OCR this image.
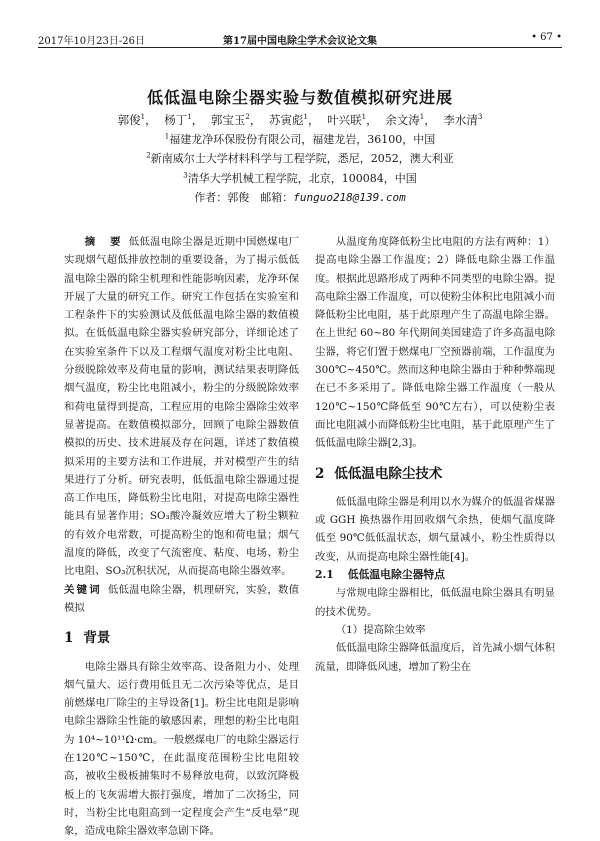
2017年10月23日-26日	第17届中国电除尘学术会议论文集	• 67 •
低低温电除尘器实验与数值模拟研究进展
郭俊$^1$， 杨丁$^1$， 郭宝玉$^2$， 苏寅彪$^1$， 叶兴联$^1$， 余文涛$^1$， 李水清$^3$
$^1$福建龙净环保股份有限公司，福建龙岩，36100，中国
$^2$新南威尔士大学材料科学与工程学院，悉尼，2052，澳大利亚
$^3$清华大学机械工程学院，北京，100084，中国
作者：郭俊　邮箱：funguo218@139.com

摘　要 低低温电除尘器是近期中国燃煤电厂实现烟气超低排放控制的重要设备，为了揭示低低温电除尘器的除尘机理和性能影响因素，龙净环保开展了大量的研究工作。研究工作包括在实验室和工程条件下的实验测试及低低温电除尘器的数值模拟。在低低温电除尘器实验研究部分，详细论述了在实验室条件下以及工程烟气温度对粉尘比电阻、分级脱除效率及荷电量的影响，测试结果表明降低烟气温度，粉尘比电阻减小，粉尘的分级脱除效率和荷电量得到提高，工程应用的电除尘器除尘效率显著提高。在数值模拟部分，回顾了电除尘器数值模拟的历史、技术进展及存在问题，详述了数值模拟采用的主要方法和工作进展，并对模型产生的结果进行了分析。研究表明，低低温电除尘器通过提高工作电压，降低粉尘比电阻，对提高电除尘器性能具有显著作用；SO₃酸冷凝效应增大了粉尘颗粒的有效介电常数，可提高粉尘的饱和荷电量；烟气温度的降低，改变了气流密度、粘度、电场、粉尘比电阻、SO₃沉积状况，从而提高电除尘器效率。

关键词 低低温电除尘器，机理研究，实验，数值模拟

1 背景

电除尘器具有除尘效率高、设备阻力小、处理烟气量大、运行费用低且无二次污染等优点，是目前燃煤电厂除尘的主导设备[1]。粉尘比电阻是影响电除尘器除尘性能的敏感因素，理想的粉尘比电阻为 10⁴~10¹¹Ω·cm。一般燃煤电厂的电除尘器运行在120℃~150℃，在此温度范围粉尘比电阻较高，被收尘极板捕集时不易释放电荷，以致沉降极板上的飞灰需增大振打强度，增加了二次扬尘，同时，当粉尘比电阻高到一定程度会产生“反电晕”现象，造成电除尘器效率急剧下降。

从温度角度降低粉尘比电阻的方法有两种：1）提高电除尘器工作温度；2）降低电除尘器工作温度。根据此思路形成了两种不同类型的电除尘器。提高电除尘器工作温度，可以使粉尘体积比电阻减小而降低粉尘比电阻，基于此原理产生了高温电除尘器。在上世纪 60~80 年代期间美国建造了许多高温电除尘器，将它们置于燃煤电厂空预器前端，工作温度为 300℃~450℃。然而这种电除尘器由于种种弊端现在已不多采用了。降低电除尘器工作温度（一般从 120℃~150℃降低至 90℃左右），可以使粉尘表面比电阻减小而降低粉尘比电阻，基于此原理产生了低低温电除尘器[2,3]。

2 低低温电除尘技术

低低温电除尘器是利用以水为媒介的低温省煤器或 GGH 换热器作用回收烟气余热，使烟气温度降低至 90℃低低温状态，烟气量减小，粉尘性质得以改变，从而提高电除尘器性能[4]。

2.1 低低温电除尘器特点

与常规电除尘器相比，低低温电除尘器具有明显的技术优势。

（1）提高除尘效率

低低温电除尘器降低温度后，首先减小烟气体积流量，即降低风速，增加了粉尘在
